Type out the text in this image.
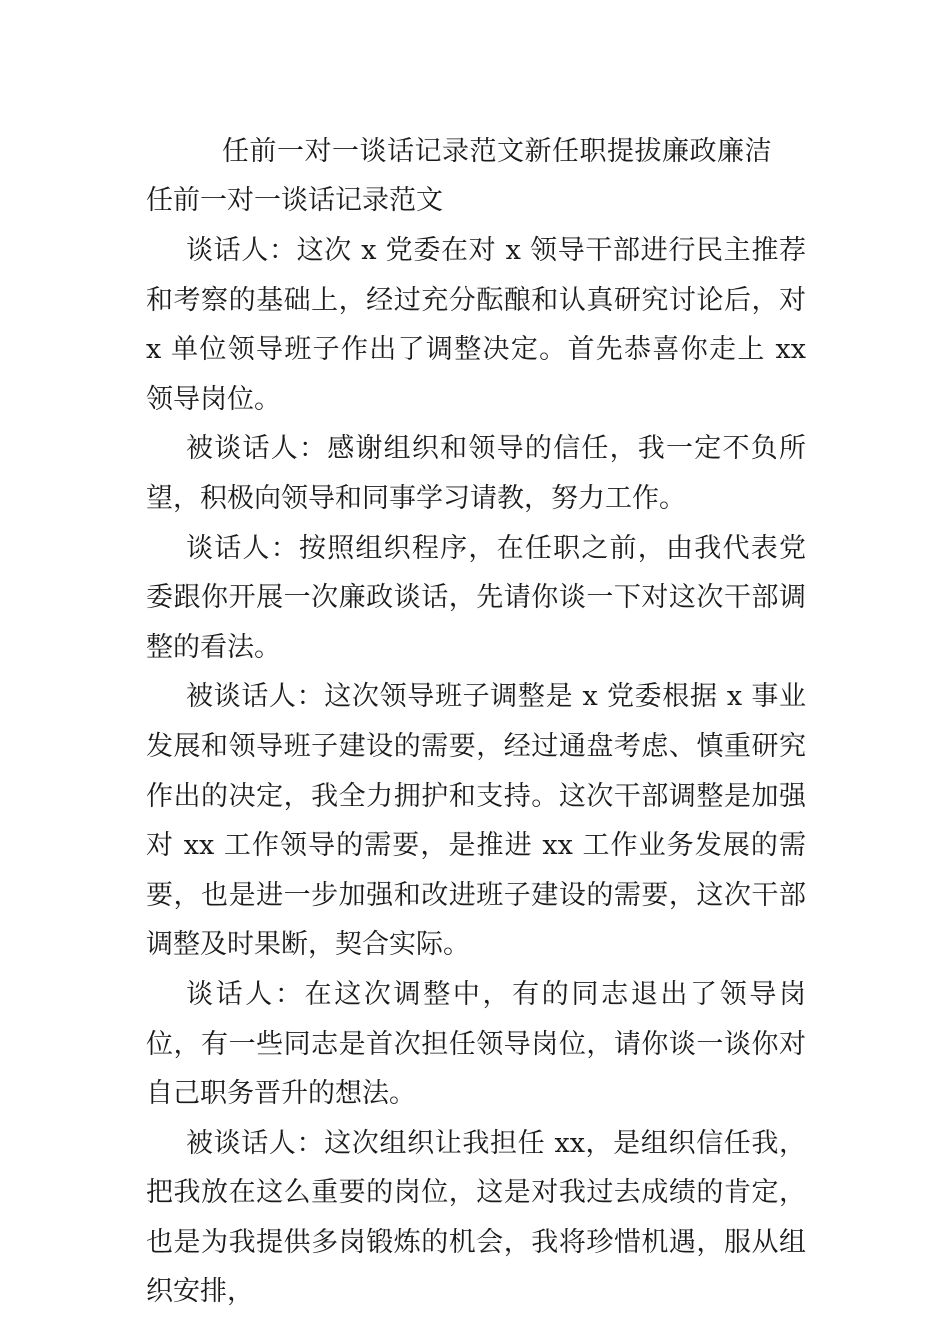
任前一对一谈话记录范文新任职提拔廉政廉洁
任前一对一谈话记录范文

谈话人：这次 x 党委在对 x 领导干部进行民主推荐和考察的基础上，经过充分酝酿和认真研究讨论后，对 x 单位领导班子作出了调整决定。首先恭喜你走上 xx 领导岗位。

被谈话人：感谢组织和领导的信任，我一定不负所望，积极向领导和同事学习请教，努力工作。

谈话人：按照组织程序，在任职之前，由我代表党委跟你开展一次廉政谈话，先请你谈一下对这次干部调整的看法。

被谈话人：这次领导班子调整是 x 党委根据 x 事业发展和领导班子建设的需要，经过通盘考虑、慎重研究作出的决定，我全力拥护和支持。这次干部调整是加强对 xx 工作领导的需要，是推进 xx 工作业务发展的需要，也是进一步加强和改进班子建设的需要，这次干部调整及时果断，契合实际。

谈话人：在这次调整中，有的同志退出了领导岗位，有一些同志是首次担任领导岗位，请你谈一谈你对自己职务晋升的想法。

被谈话人：这次组织让我担任 xx，是组织信任我，把我放在这么重要的岗位，这是对我过去成绩的肯定，也是为我提供多岗锻炼的机会，我将珍惜机遇，服从组织安排，
